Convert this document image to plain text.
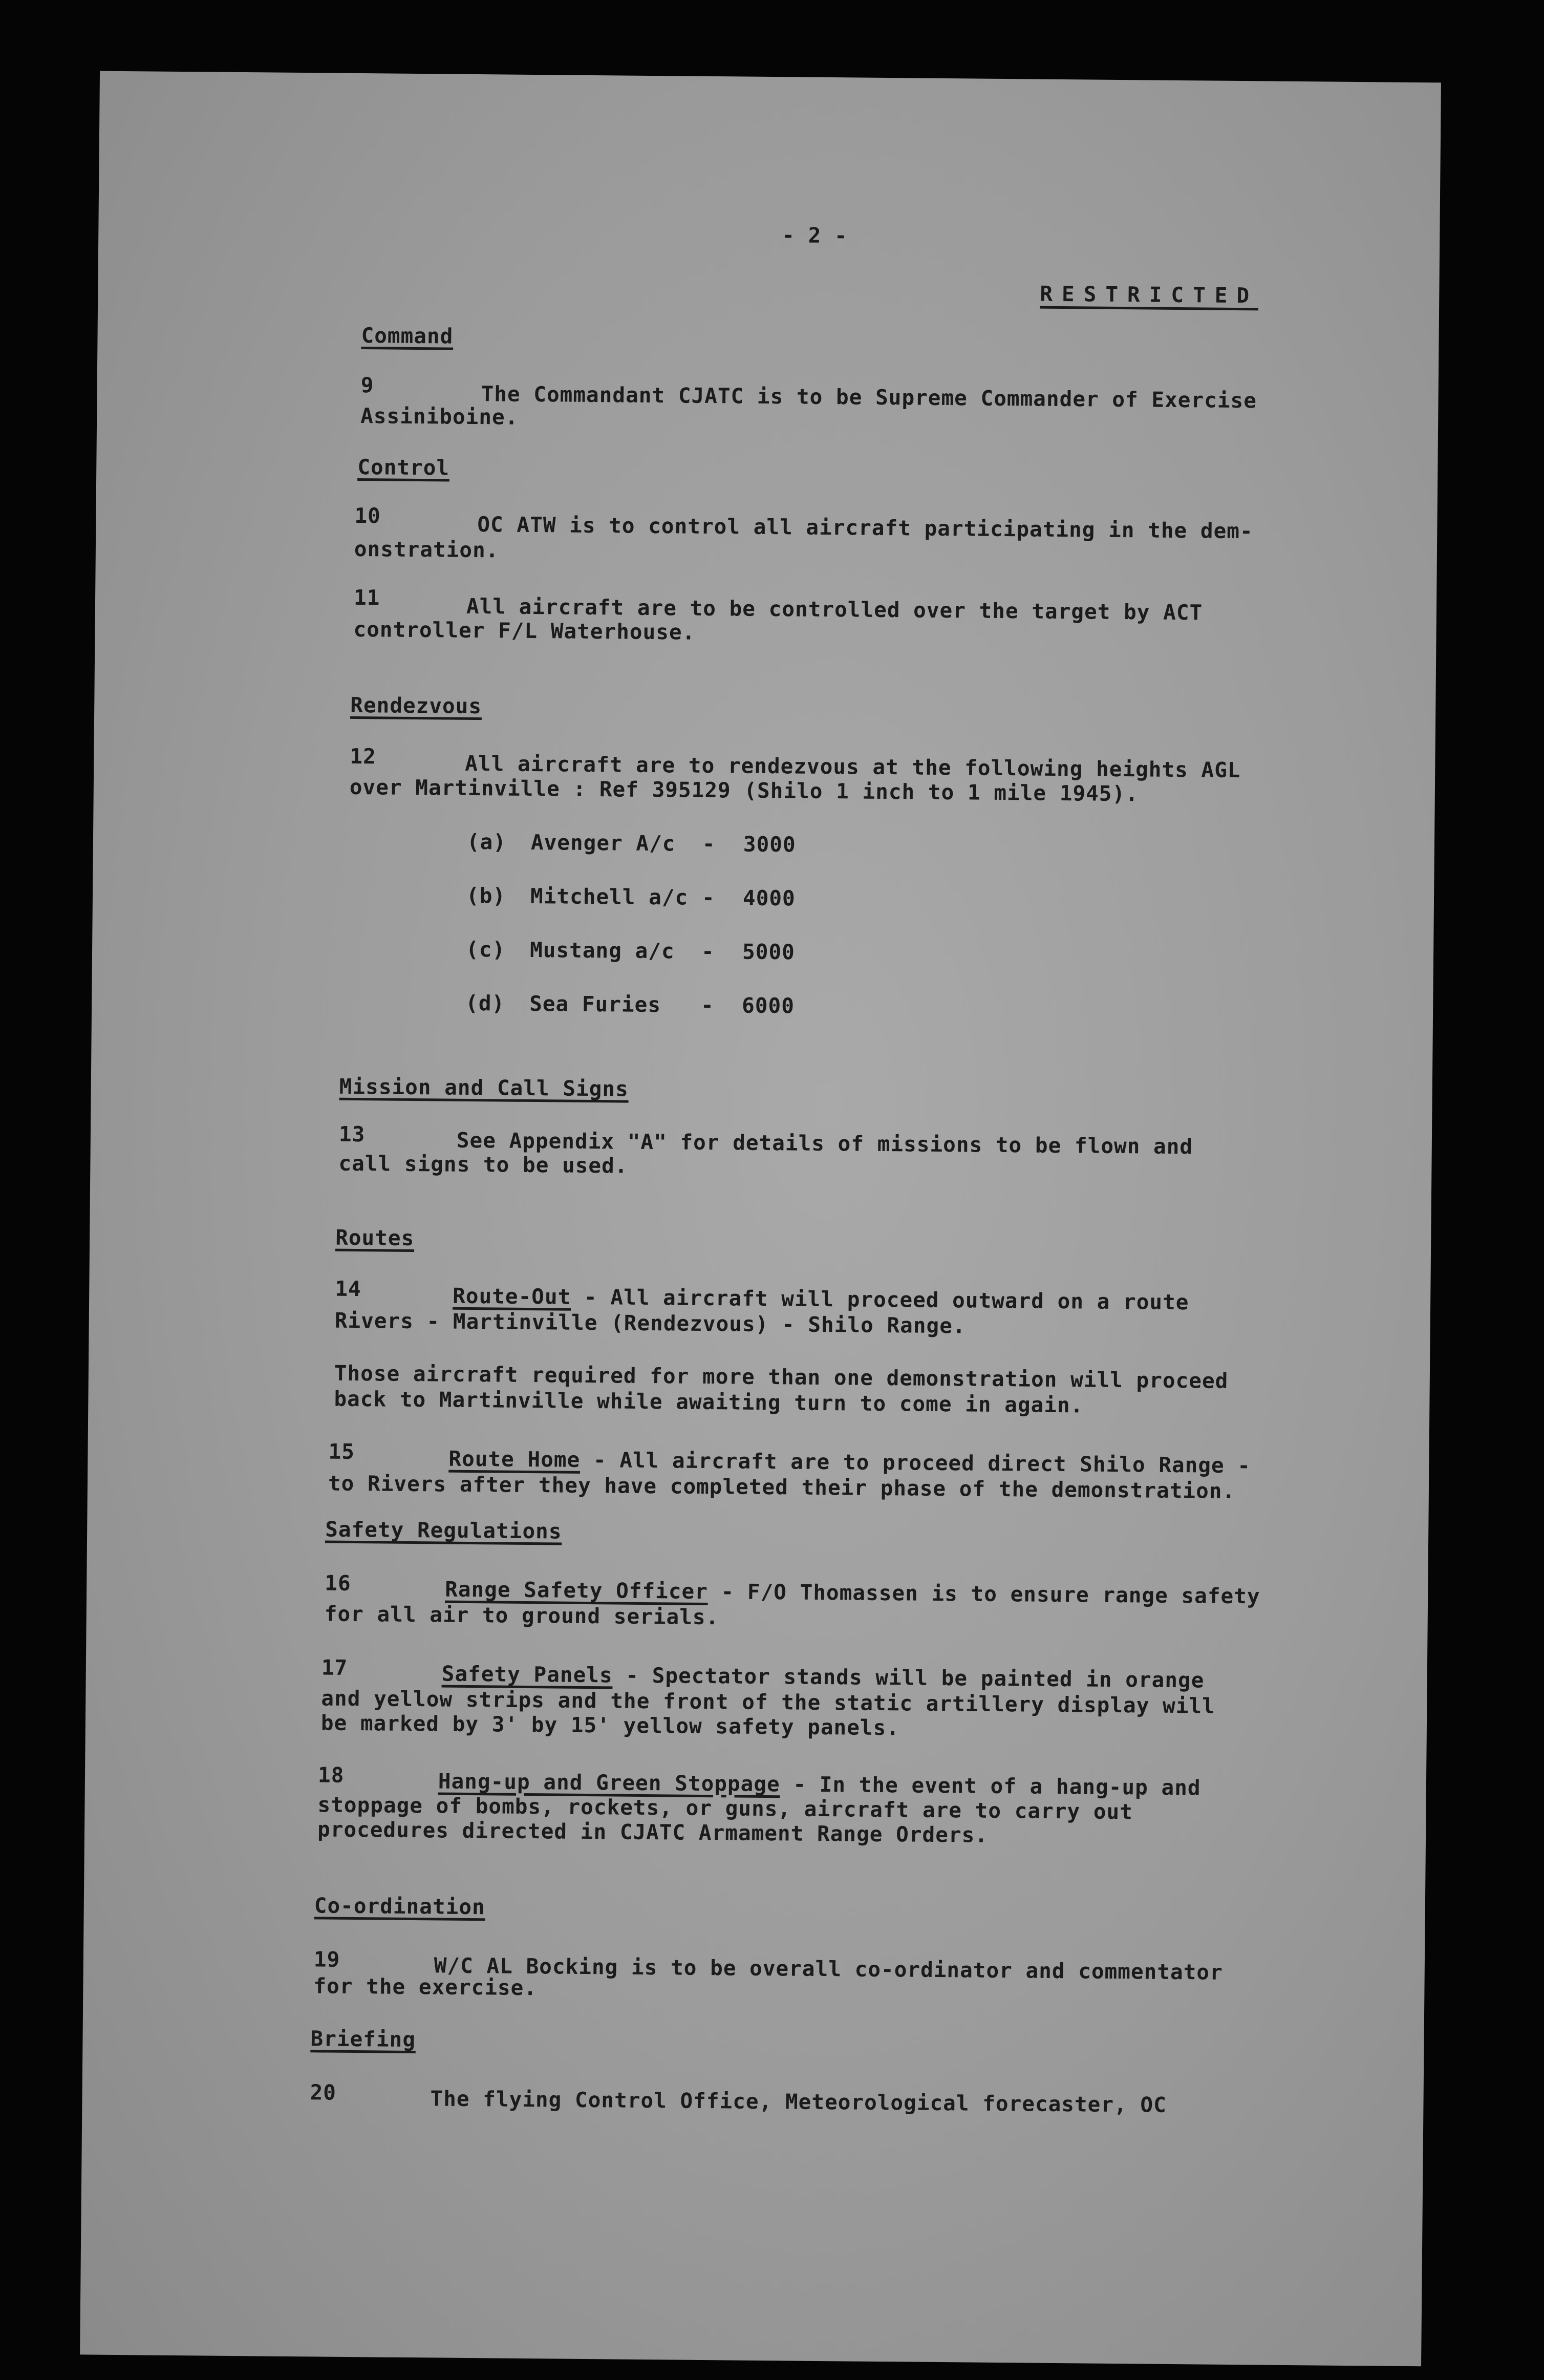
- 2 -
RESTRICTED
Command
9	The Commandant CJATC is to be Supreme Commander of Exercise
Assiniboine.
Control
10	OC ATW is to control all aircraft participating in the dem-
onstration.
11	All aircraft are to be controlled over the target by ACT
controller F/L Waterhouse.
Rendezvous
12	All aircraft are to rendezvous at the following heights AGL
over Martinville : Ref 395129 (Shilo 1 inch to 1 mile 1945).
(a) Avenger A/c - 3000
(b) Mitchell a/c - 4000
(c) Mustang a/c - 5000
(d) Sea Furies - 6000
Mission and Call Signs
13	See Appendix "A" for details of missions to be flown and
call signs to be used.
Routes
14	Route-Out - All aircraft will proceed outward on a route
Rivers - Martinville (Rendezvous) - Shilo Range.
Those aircraft required for more than one demonstration will proceed
back to Martinville while awaiting turn to come in again.
15	Route Home - All aircraft are to proceed direct Shilo Range -
to Rivers after they have completed their phase of the demonstration.
Safety Regulations
16	Range Safety Officer - F/O Thomassen is to ensure range safety
for all air to ground serials.
17	Safety Panels - Spectator stands will be painted in orange
and yellow strips and the front of the static artillery display will
be marked by 3' by 15' yellow safety panels.
18	Hang-up and Green Stoppage - In the event of a hang-up and
stoppage of bombs, rockets, or guns, aircraft are to carry out
procedures directed in CJATC Armament Range Orders.
Co-ordination
19	W/C AL Bocking is to be overall co-ordinator and commentator
for the exercise.
Briefing
20	The flying Control Office, Meteorological forecaster, OC
